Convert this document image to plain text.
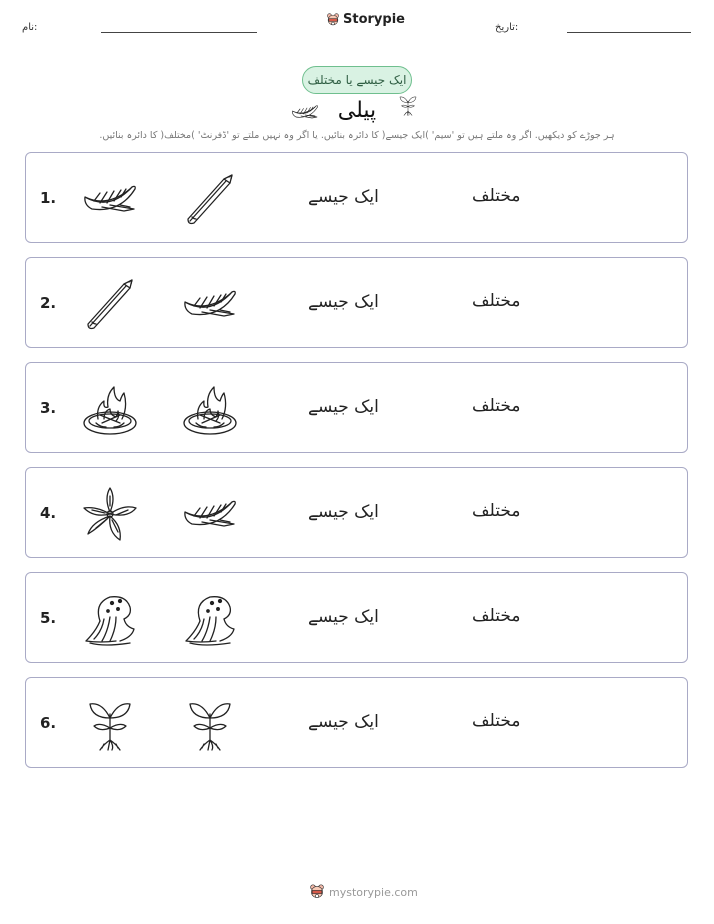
نام:
Storypie
تاریخ:
ایک جیسے یا مختلف
پیلی
ہر جوڑے کو دیکھیں. اگر وہ ملتے ہیں تو 'سیم' )ایک جیسے( کا دائرہ بنائیں. یا اگر وہ نہیں ملتے تو 'ڈفرنٹ' )مختلف( کا دائرہ بنائیں.
1.	ایک جیسے	مختلف
2.	ایک جیسے	مختلف
3.	ایک جیسے	مختلف
4.	ایک جیسے	مختلف
5.	ایک جیسے	مختلف
6.	ایک جیسے	مختلف
mystorypie.com
